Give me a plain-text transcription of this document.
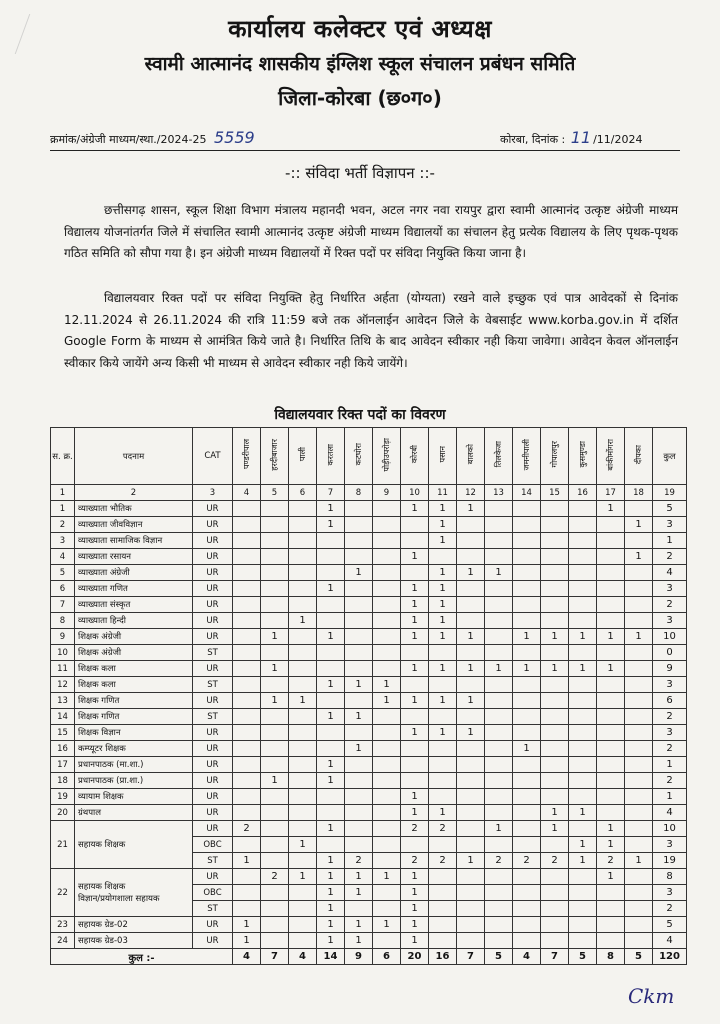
कार्यालय कलेक्टर एवं अध्यक्ष
स्वामी आत्मानंद शासकीय इंग्लिश स्कूल संचालन प्रबंधन समिति
जिला-कोरबा (छ०ग०)
क्रमांक/अंग्रेजी माध्यम/स्था./2024-25 5559	कोरबा, दिनांक : 11 /11/2024
-:: संविदा भर्ती विज्ञापन ::-
छत्तीसगढ़ शासन, स्कूल शिक्षा विभाग मंत्रालय महानदी भवन, अटल नगर नवा रायपुर द्वारा स्वामी आत्मानंद उत्कृष्ट अंग्रेजी माध्यम विद्यालय योजनांतर्गत जिले में संचालित स्वामी आत्मानंद उत्कृष्ट अंग्रेजी माध्यम विद्यालयों का संचालन हेतु प्रत्येक विद्यालय के लिए पृथक-पृथक गठित समिति को सौपा गया है। इन अंग्रेजी माध्यम विद्यालयों में रिक्त पदों पर संविदा नियुक्ति किया जाना है।
विद्यालयवार रिक्त पदों पर संविदा नियुक्ति हेतु निर्धारित अर्हता (योग्यता) रखने वाले इच्छुक एवं पात्र आवेदकों से दिनांक 12.11.2024 से 26.11.2024 की रात्रि 11:59 बजे तक ऑनलाईन आवेदन जिले के वेबसाईट www.korba.gov.in में दर्शित Google Form के माध्यम से आमंत्रित किये जाते है। निर्धारित तिथि के बाद आवेदन स्वीकार नही किया जावेगा। आवेदन केवल ऑनलाईन स्वीकार किये जायेंगे अन्य किसी भी माध्यम से आवेदन स्वीकार नही किये जायेंगे।
विद्यालयवार रिक्त पदों का विवरण
स. क्र.	पदनाम	CAT	पण्डरीपाल	हरदीबाजार	पाली	करतला	कटघोरा	पोड़ीउपरोड़ा	कोरबी	पसान	बालको	तिलकेजा	जमनीपाली	गोपालपुर	कुसमुण्डा	बांकीमोंगरा	दीपका	कुल
1	2	3	4	5	6	7	8	9	10	11	12	13	14	15	16	17	18	19
1	व्याख्याता भौतिक	UR				1			1	1	1					1		5
2	व्याख्याता जीवविज्ञान	UR				1				1							1	3
3	व्याख्याता सामाजिक विज्ञान	UR								1								1
4	व्याख्याता रसायन	UR							1								1	2
5	व्याख्याता अंग्रेजी	UR					1			1	1	1						4
6	व्याख्याता गणित	UR				1			1	1								3
7	व्याख्याता संस्कृत	UR							1	1								2
8	व्याख्याता हिन्दी	UR			1				1	1								3
9	शिक्षक अंग्रेजी	UR		1		1			1	1	1		1	1	1	1	1	10
10	शिक्षक अंग्रेजी	ST																0
11	शिक्षक कला	UR		1					1	1	1	1	1	1	1	1		9
12	शिक्षक कला	ST				1	1	1										3
13	शिक्षक गणित	UR		1	1			1	1	1	1							6
14	शिक्षक गणित	ST				1	1											2
15	शिक्षक विज्ञान	UR							1	1	1							3
16	कम्प्यूटर शिक्षक	UR					1						1					2
17	प्रधानपाठक (मा.शा.)	UR				1												1
18	प्रधानपाठक (प्रा.शा.)	UR		1		1												2
19	व्यायाम शिक्षक	UR							1									1
20	ग्रंथपाल	UR							1	1				1	1			4
21	सहायक शिक्षक	UR	2			1			2	2		1		1		1		10
		OBC			1										1	1		3
		ST	1			1	2		2	2	1	2	2	2	1	2	1	19
22	सहायक शिक्षक
विज्ञान/प्रयोगशाला सहायक	UR		2	1	1	1	1	1							1		8
		OBC				1	1		1									3
		ST				1			1									2
23	सहायक ग्रेड-02	UR	1			1	1	1	1									5
24	सहायक ग्रेड-03	UR	1			1	1		1									4
कुल :-			4	7	4	14	9	6	20	16	7	5	4	7	5	8	5	120
Ckm
